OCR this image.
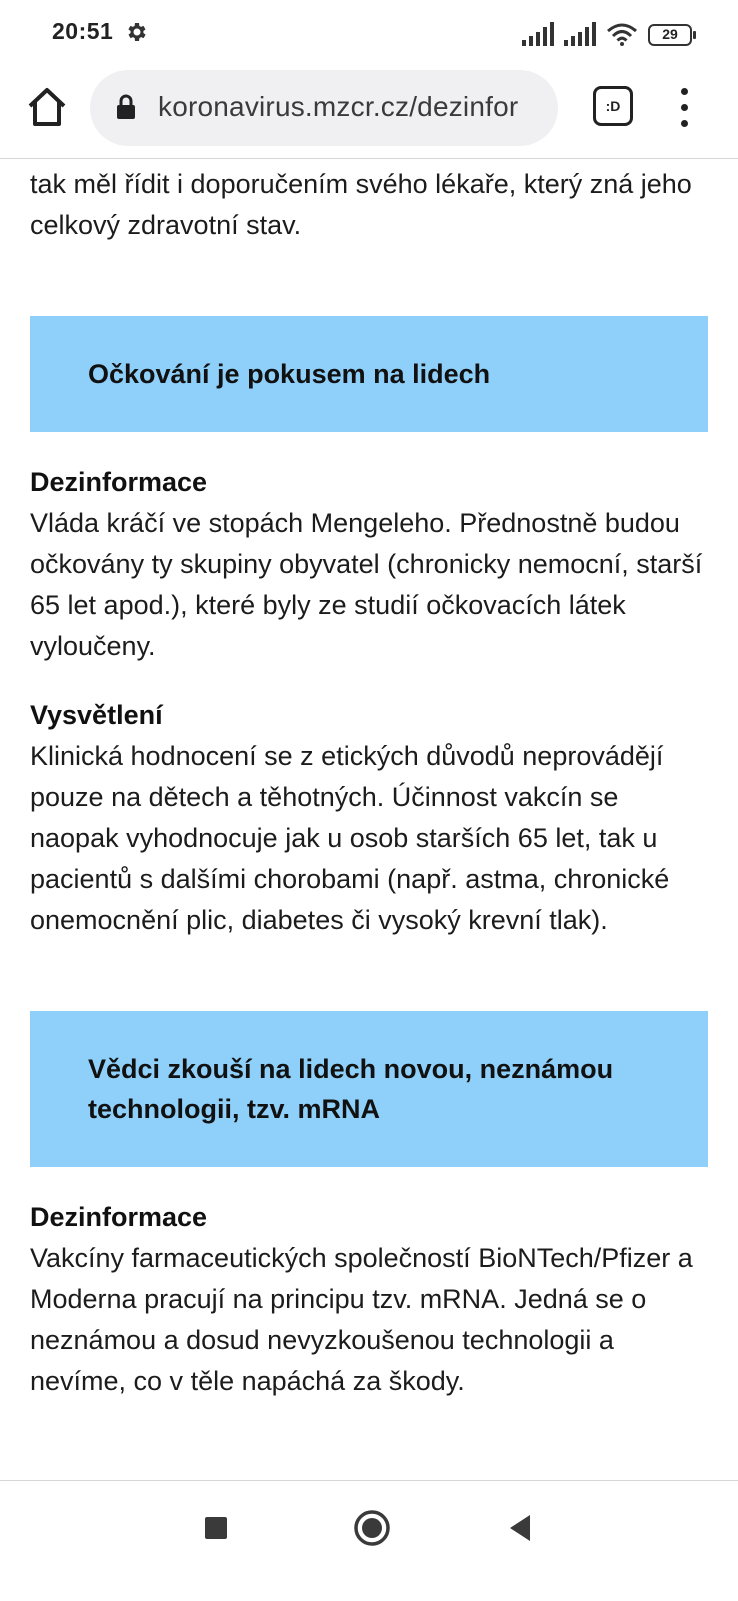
20:51	29
koronavirus.mzcr.cz/dezinfor	:D
tak měl řídit i doporučením svého lékaře, který zná jeho celkový zdravotní stav.
Očkování je pokusem na lidech
Dezinformace
Vláda kráčí ve stopách Mengeleho. Přednostně budou očkovány ty skupiny obyvatel (chronicky nemocní, starší 65 let apod.), které byly ze studií očkovacích látek vyloučeny.
Vysvětlení
Klinická hodnocení se z etických důvodů neprovádějí pouze na dětech a těhotných. Účinnost vakcín se naopak vyhodnocuje jak u osob starších 65 let, tak u pacientů s dalšími chorobami (např. astma, chronické onemocnění plic, diabetes či vysoký krevní tlak).
Vědci zkouší na lidech novou, neznámou technologii, tzv. mRNA
Dezinformace
Vakcíny farmaceutických společností BioNTech/Pfizer a Moderna pracují na principu tzv. mRNA. Jedná se o neznámou a dosud nevyzkoušenou technologii a nevíme, co v těle napáchá za škody.
